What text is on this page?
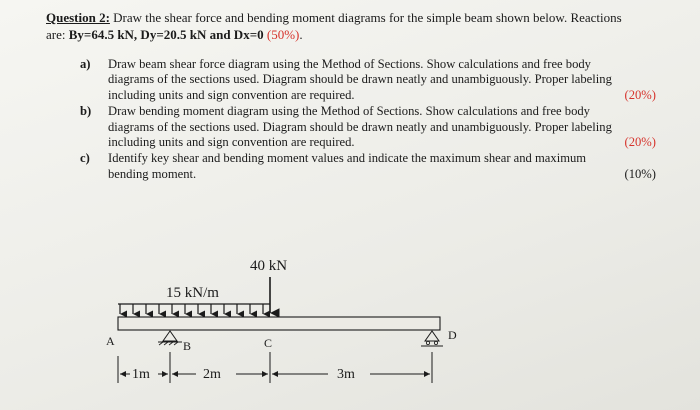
Question 2: Draw the shear force and bending moment diagrams for the simple beam shown below. Reactions
are: By=64.5 kN, Dy=20.5 kN and Dx=0 (50%).
a) Draw beam shear force diagram using the Method of Sections. Show calculations and free body
diagrams of the sections used. Diagram should be drawn neatly and unambiguously. Proper labeling
including units and sign convention are required.	(20%)
b) Draw bending moment diagram using the Method of Sections. Show calculations and free body
diagrams of the sections used. Diagram should be drawn neatly and unambiguously. Proper labeling
including units and sign convention are required.	(20%)
c) Identify key shear and bending moment values and indicate the maximum shear and maximum
bending moment.	(10%)
40 kN
15 kN/m
A	B	C
D
1m	2m	3m
